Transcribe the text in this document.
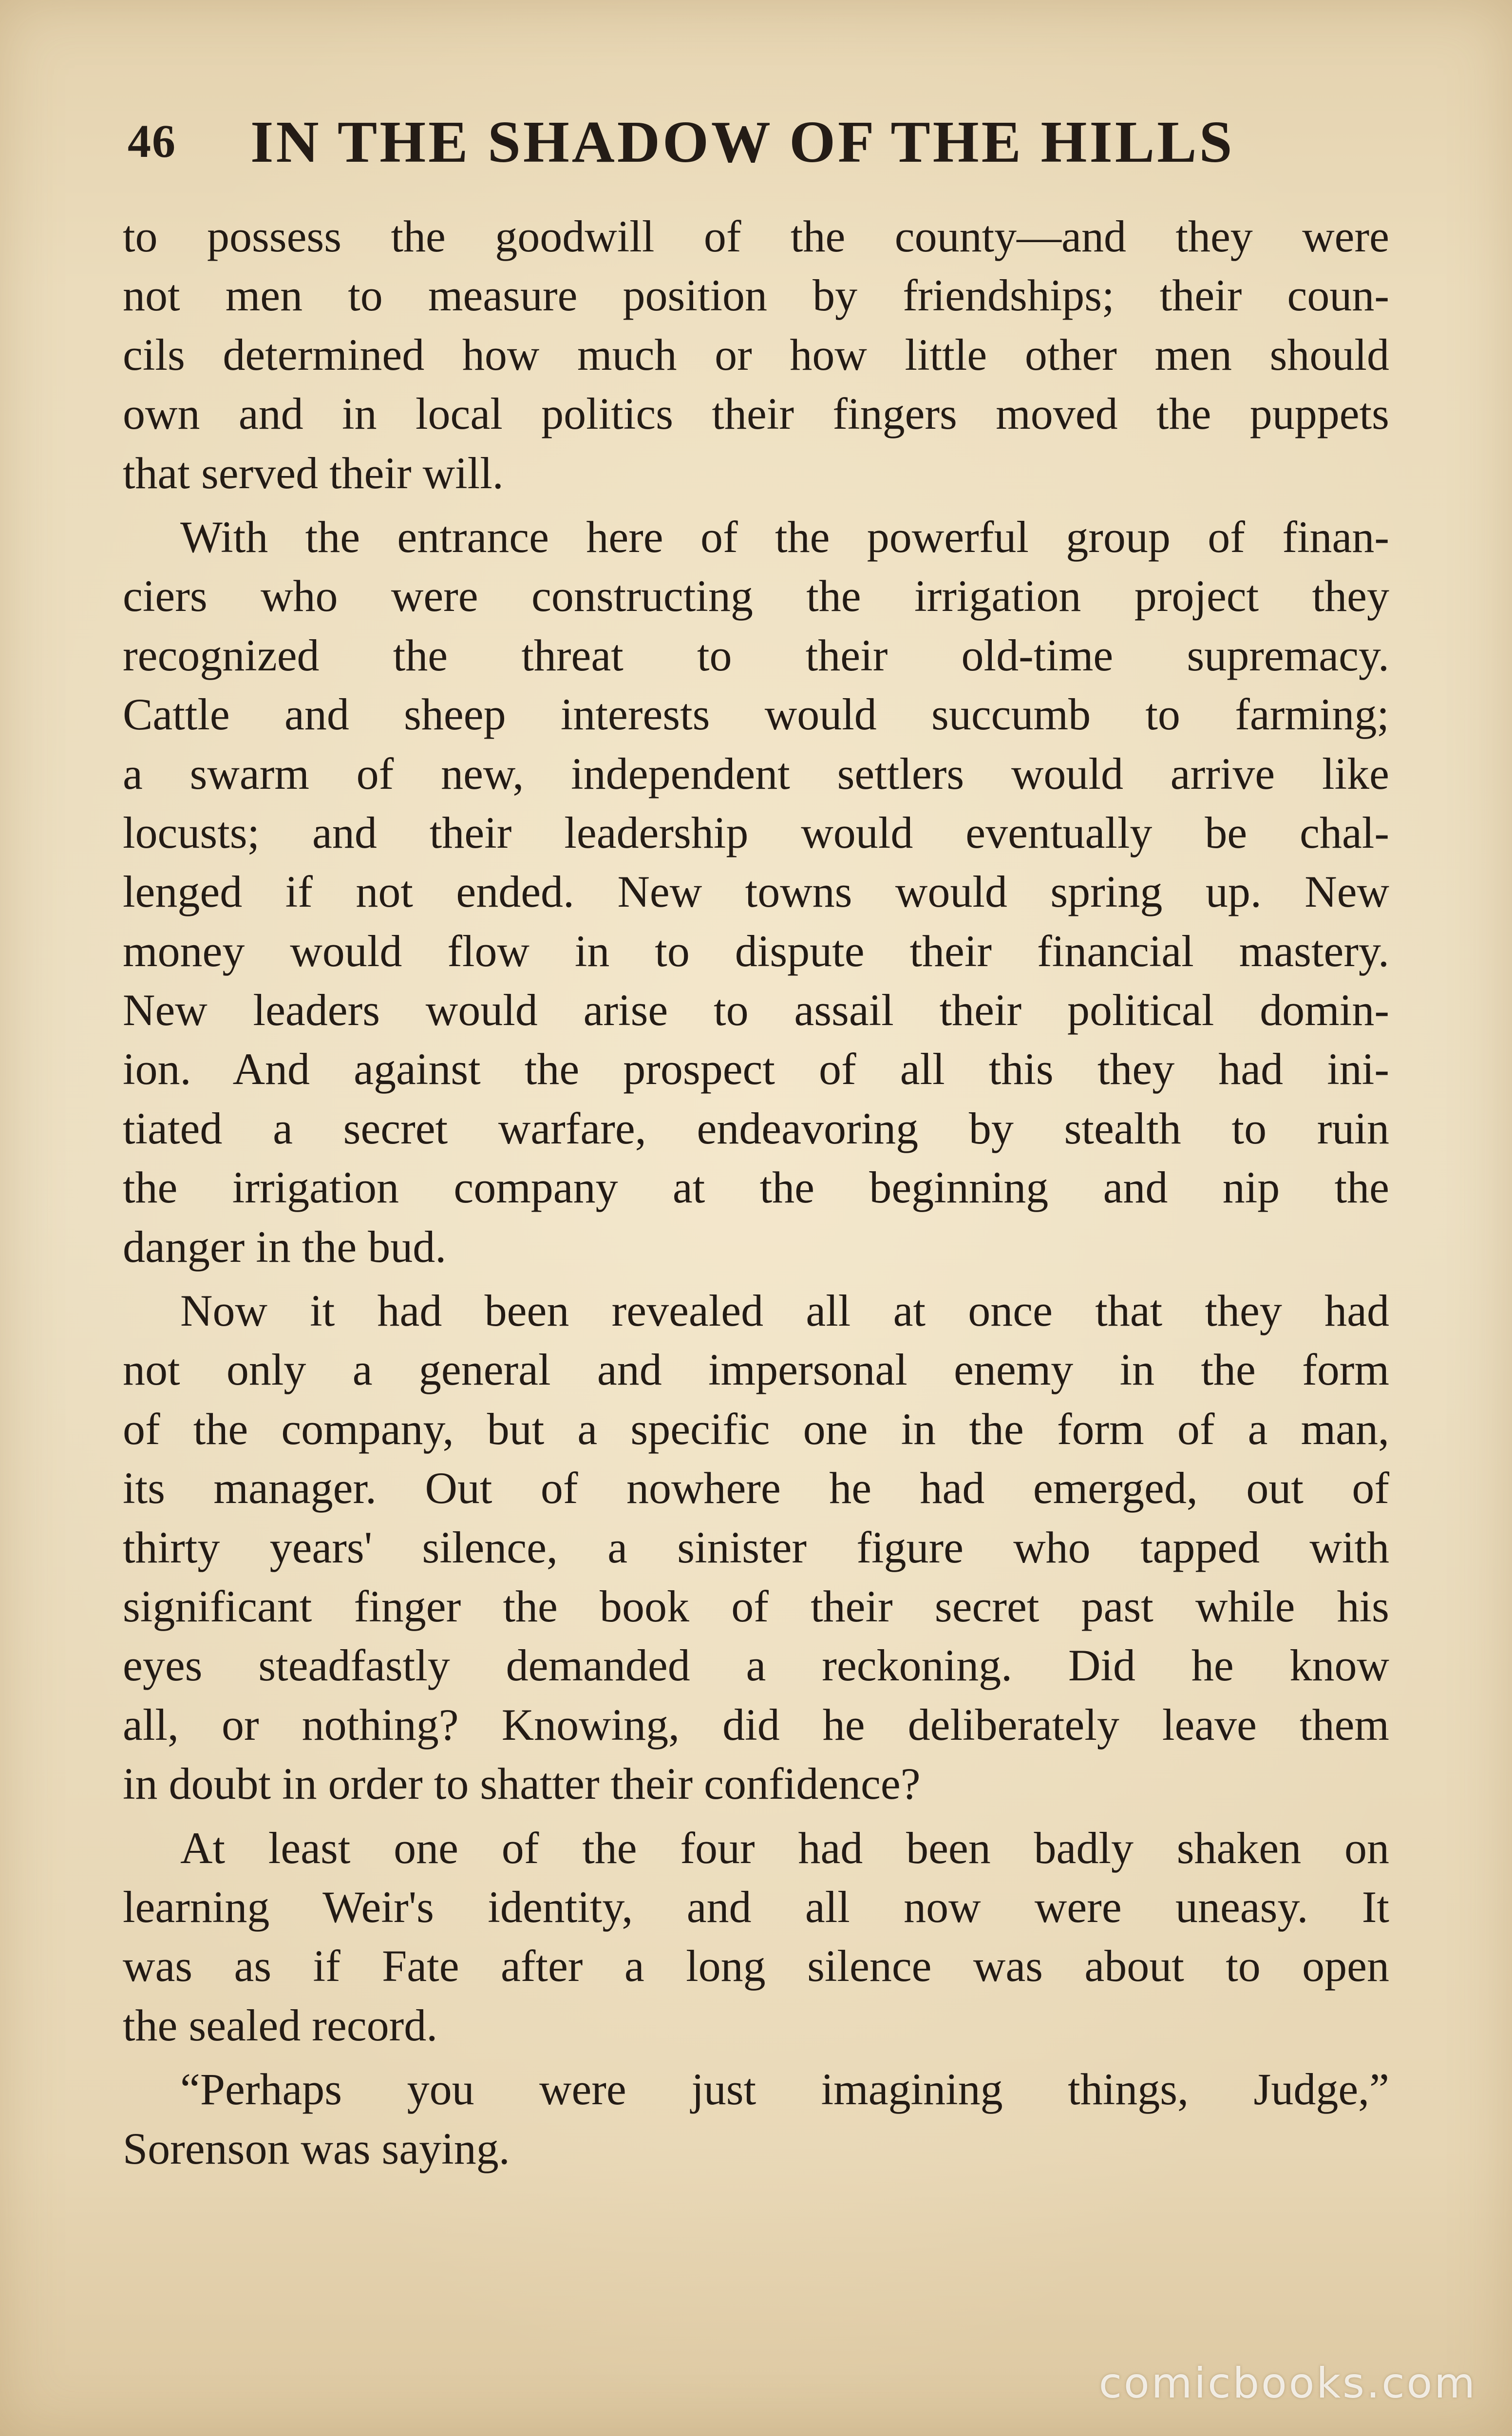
46 IN THE SHADOW OF THE HILLS
to possess the goodwill of the county—and they were
not men to measure position by friendships; their coun-
cils determined how much or how little other men should
own and in local politics their fingers moved the puppets
that served their will.
With the entrance here of the powerful group of finan-
ciers who were constructing the irrigation project they
recognized the threat to their old-time supremacy.
Cattle and sheep interests would succumb to farming;
a swarm of new, independent settlers would arrive like
locusts; and their leadership would eventually be chal-
lenged if not ended. New towns would spring up. New
money would flow in to dispute their financial mastery.
New leaders would arise to assail their political domin-
ion. And against the prospect of all this they had ini-
tiated a secret warfare, endeavoring by stealth to ruin
the irrigation company at the beginning and nip the
danger in the bud.
Now it had been revealed all at once that they had
not only a general and impersonal enemy in the form
of the company, but a specific one in the form of a man,
its manager. Out of nowhere he had emerged, out of
thirty years' silence, a sinister figure who tapped with
significant finger the book of their secret past while his
eyes steadfastly demanded a reckoning. Did he know
all, or nothing? Knowing, did he deliberately leave them
in doubt in order to shatter their confidence?
At least one of the four had been badly shaken on
learning Weir's identity, and all now were uneasy. It
was as if Fate after a long silence was about to open
the sealed record.
“Perhaps you were just imagining things, Judge,”
Sorenson was saying.
comicbooks.com
